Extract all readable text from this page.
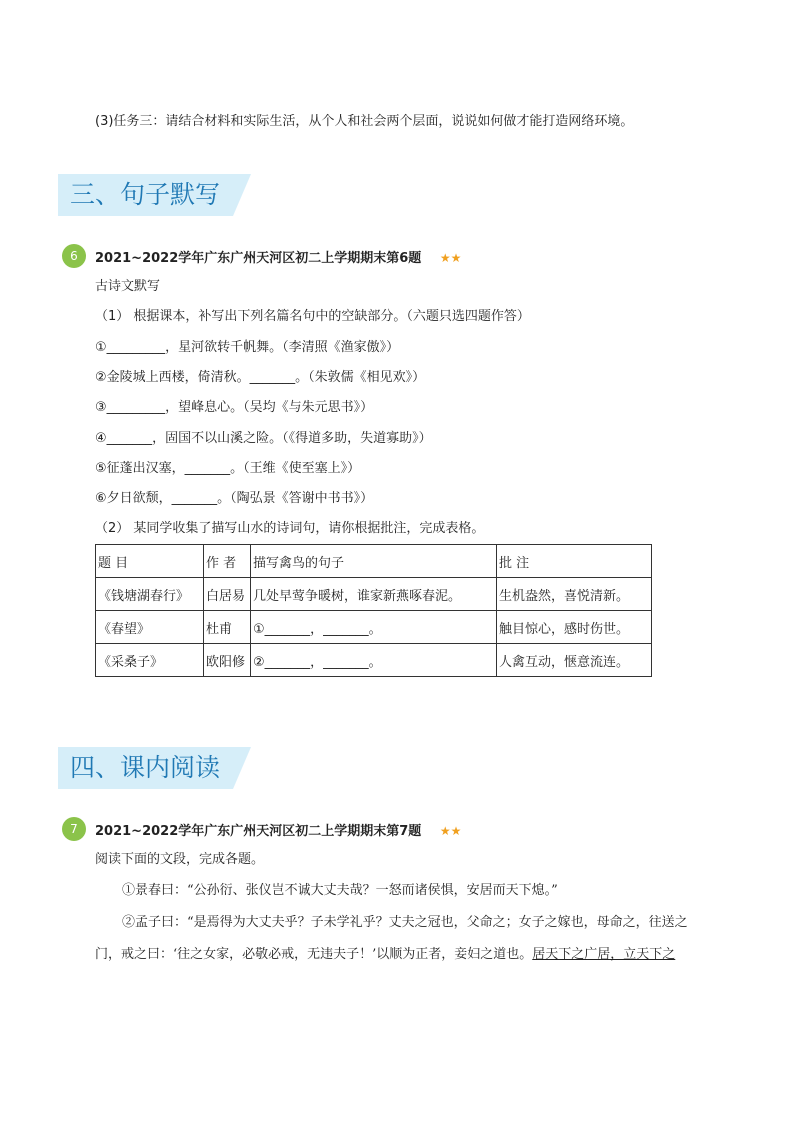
(3)任务三：请结合材料和实际生活，从个人和社会两个层面，说说如何做才能打造网络环境。
三、句子默写
6	2021~2022学年广东广州天河区初二上学期期末第6题 ★★
古诗文默写
（1） 根据课本，补写出下列名篇名句中的空缺部分。（六题只选四题作答）
①_________，星河欲转千帆舞。（李清照《渔家傲》）
②金陵城上西楼，倚清秋。_______。（朱敦儒《相见欢》）
③_________，望峰息心。（吴均《与朱元思书》）
④_______，固国不以山溪之险。（《得道多助，失道寡助》）
⑤征蓬出汉塞，_______。（王维《使至塞上》）
⑥夕日欲颓，_______。（陶弘景《答谢中书书》）
（2） 某同学收集了描写山水的诗词句，请你根据批注，完成表格。
题 目	作 者	描写禽鸟的句子	批 注
《钱塘湖春行》	白居易	几处早莺争暖树，谁家新燕啄春泥。	生机盎然，喜悦清新。
《春望》	杜甫	①_______，_______。	触目惊心，感时伤世。
《采桑子》	欧阳修	②_______，_______。	人禽互动，惬意流连。
四、课内阅读
7	2021~2022学年广东广州天河区初二上学期期末第7题 ★★
阅读下面的文段，完成各题。
①景春曰：“公孙衍、张仪岂不诚大丈夫哉？一怒而诸侯惧，安居而天下熄。”
②孟子曰：“是焉得为大丈夫乎？子未学礼乎？丈夫之冠也，父命之；女子之嫁也，母命之，往送之
门，戒之曰：‘往之女家，必敬必戒，无违夫子！’以顺为正者，妾妇之道也。居天下之广居，立天下之
